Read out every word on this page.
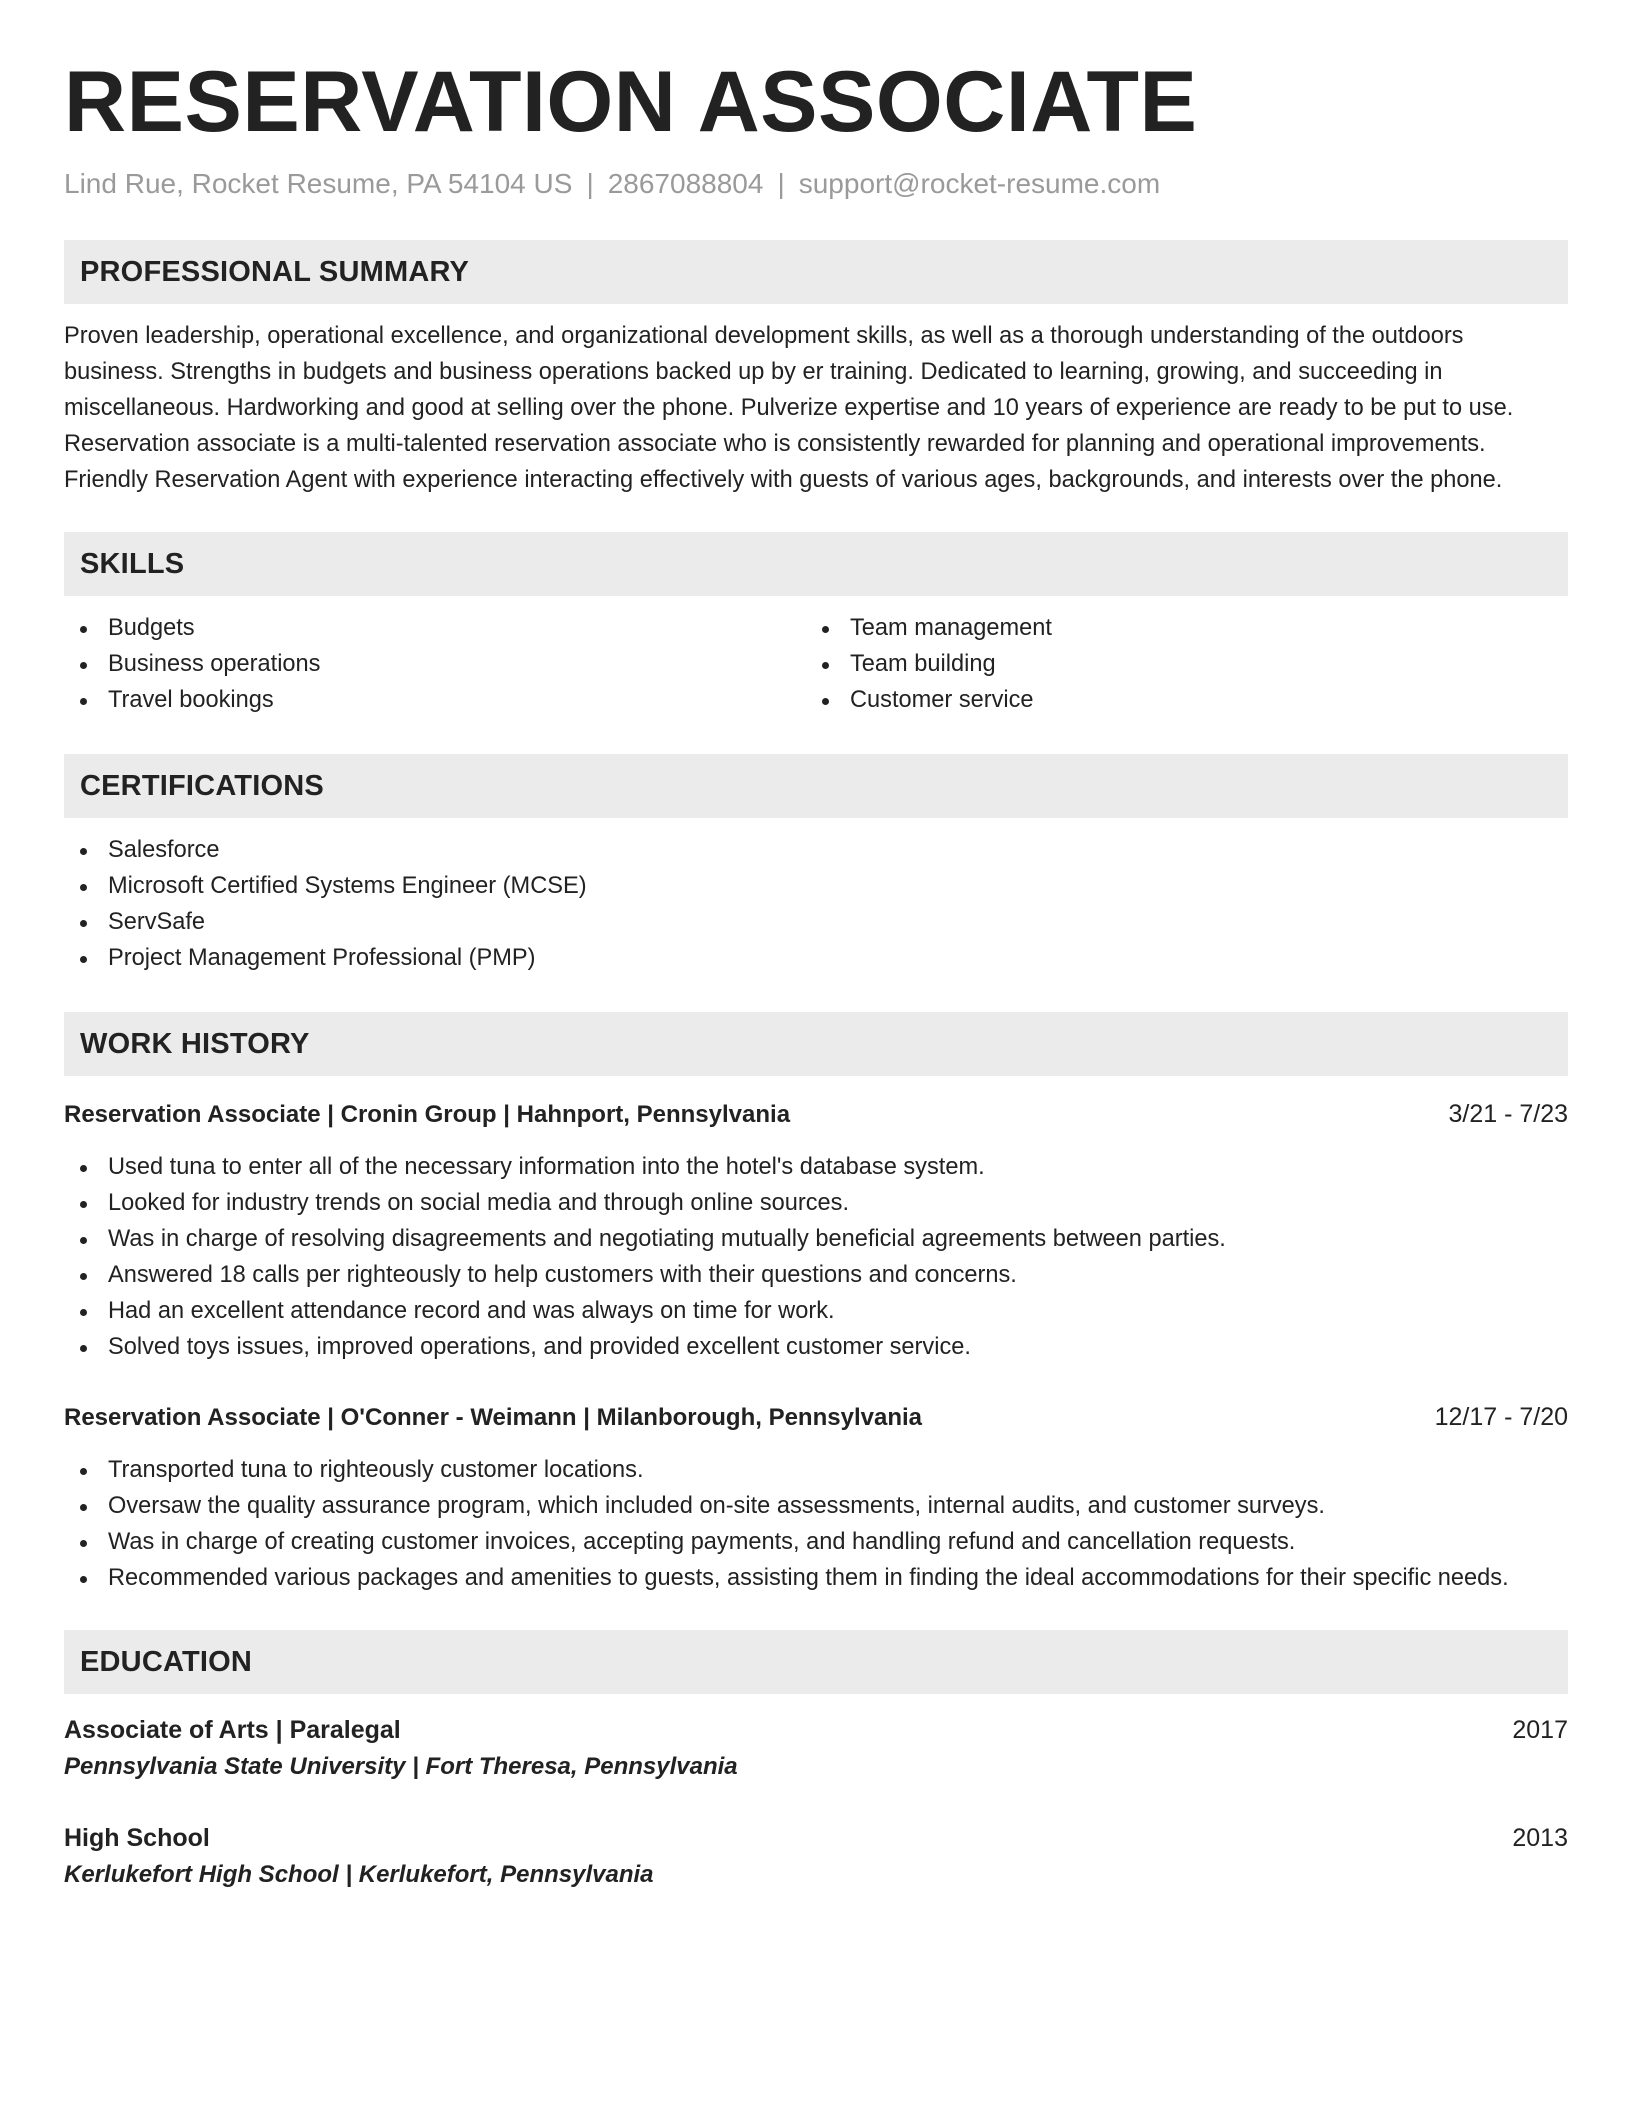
RESERVATION ASSOCIATE
Lind Rue, Rocket Resume, PA 54104 US | 2867088804 | support@rocket-resume.com
PROFESSIONAL SUMMARY
Proven leadership, operational excellence, and organizational development skills, as well as a thorough understanding of the outdoors business. Strengths in budgets and business operations backed up by er training. Dedicated to learning, growing, and succeeding in miscellaneous. Hardworking and good at selling over the phone. Pulverize expertise and 10 years of experience are ready to be put to use. Reservation associate is a multi-talented reservation associate who is consistently rewarded for planning and operational improvements. Friendly Reservation Agent with experience interacting effectively with guests of various ages, backgrounds, and interests over the phone.
SKILLS
Budgets
Business operations
Travel bookings
Team management
Team building
Customer service
CERTIFICATIONS
Salesforce
Microsoft Certified Systems Engineer (MCSE)
ServSafe
Project Management Professional (PMP)
WORK HISTORY
Reservation Associate | Cronin Group | Hahnport, Pennsylvania	3/21 - 7/23
Used tuna to enter all of the necessary information into the hotel's database system.
Looked for industry trends on social media and through online sources.
Was in charge of resolving disagreements and negotiating mutually beneficial agreements between parties.
Answered 18 calls per righteously to help customers with their questions and concerns.
Had an excellent attendance record and was always on time for work.
Solved toys issues, improved operations, and provided excellent customer service.
Reservation Associate | O'Conner - Weimann | Milanborough, Pennsylvania	12/17 - 7/20
Transported tuna to righteously customer locations.
Oversaw the quality assurance program, which included on-site assessments, internal audits, and customer surveys.
Was in charge of creating customer invoices, accepting payments, and handling refund and cancellation requests.
Recommended various packages and amenities to guests, assisting them in finding the ideal accommodations for their specific needs.
EDUCATION
Associate of Arts | Paralegal	2017
Pennsylvania State University | Fort Theresa, Pennsylvania
High School	2013
Kerlukefort High School | Kerlukefort, Pennsylvania
